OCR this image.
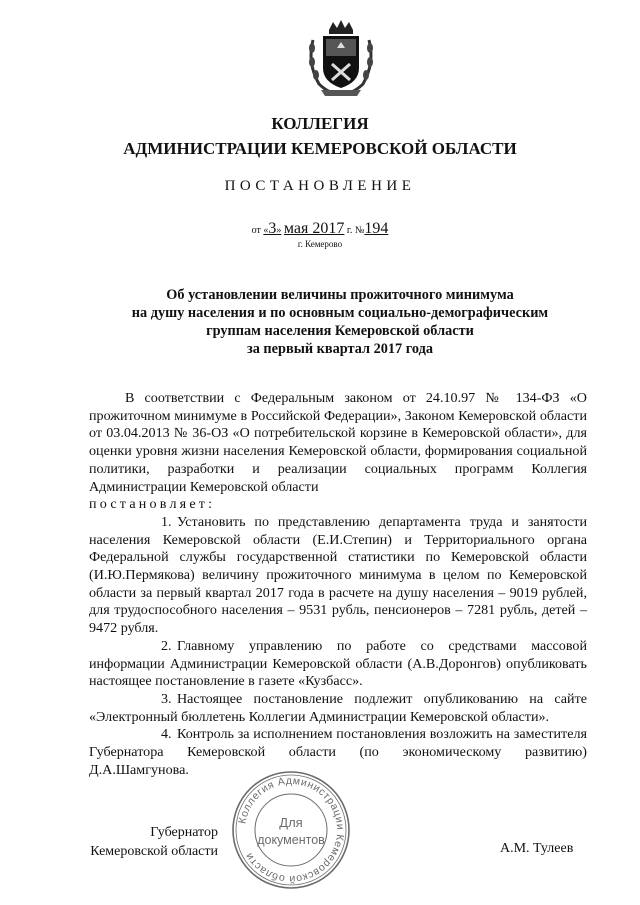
КОЛЛЕГИЯ
АДМИНИСТРАЦИИ КЕМЕРОВСКОЙ ОБЛАСТИ
ПОСТАНОВЛЕНИЕ
от «3» мая 2017 г. №194
г. Кемерово
Об установлении величины прожиточного минимума
на душу населения и по основным социально-демографическим
группам населения Кемеровской области
за первый квартал 2017 года

В соответствии с Федеральным законом от 24.10.97 № 134-ФЗ «О прожиточном минимуме в Российской Федерации», Законом Кемеровской области от 03.04.2013 № 36-ОЗ «О потребительской корзине в Кемеровской области», для оценки уровня жизни населения Кемеровской области, формирования социальной политики, разработки и реализации социальных программ Коллегия Администрации Кемеровской области

постановляет:

1. Установить по представлению департамента труда и занятости населения Кемеровской области (Е.И.Степин) и Территориального органа Федеральной службы государственной статистики по Кемеровской области (И.Ю.Пермякова) величину прожиточного минимума в целом по Кемеровской области за первый квартал 2017 года в расчете на душу населения – 9019 рублей, для трудоспособного населения – 9531 рубль, пенсионеров – 7281 рубль, детей – 9472 рубля.

2. Главному управлению по работе со средствами массовой информации Администрации Кемеровской области (А.В.Доронгов) опубликовать настоящее постановление в газете «Кузбасс».

3. Настоящее постановление подлежит опубликованию на сайте «Электронный бюллетень Коллегии Администрации Кемеровской области».

4. Контроль за исполнением постановления возложить на заместителя Губернатора Кемеровской области (по экономическому развитию) Д.А.Шамгунова.

Губернатор
Кемеровской области	А.М. Тулеев
Коллегия Администрации Кемеровской области
Для
документов
